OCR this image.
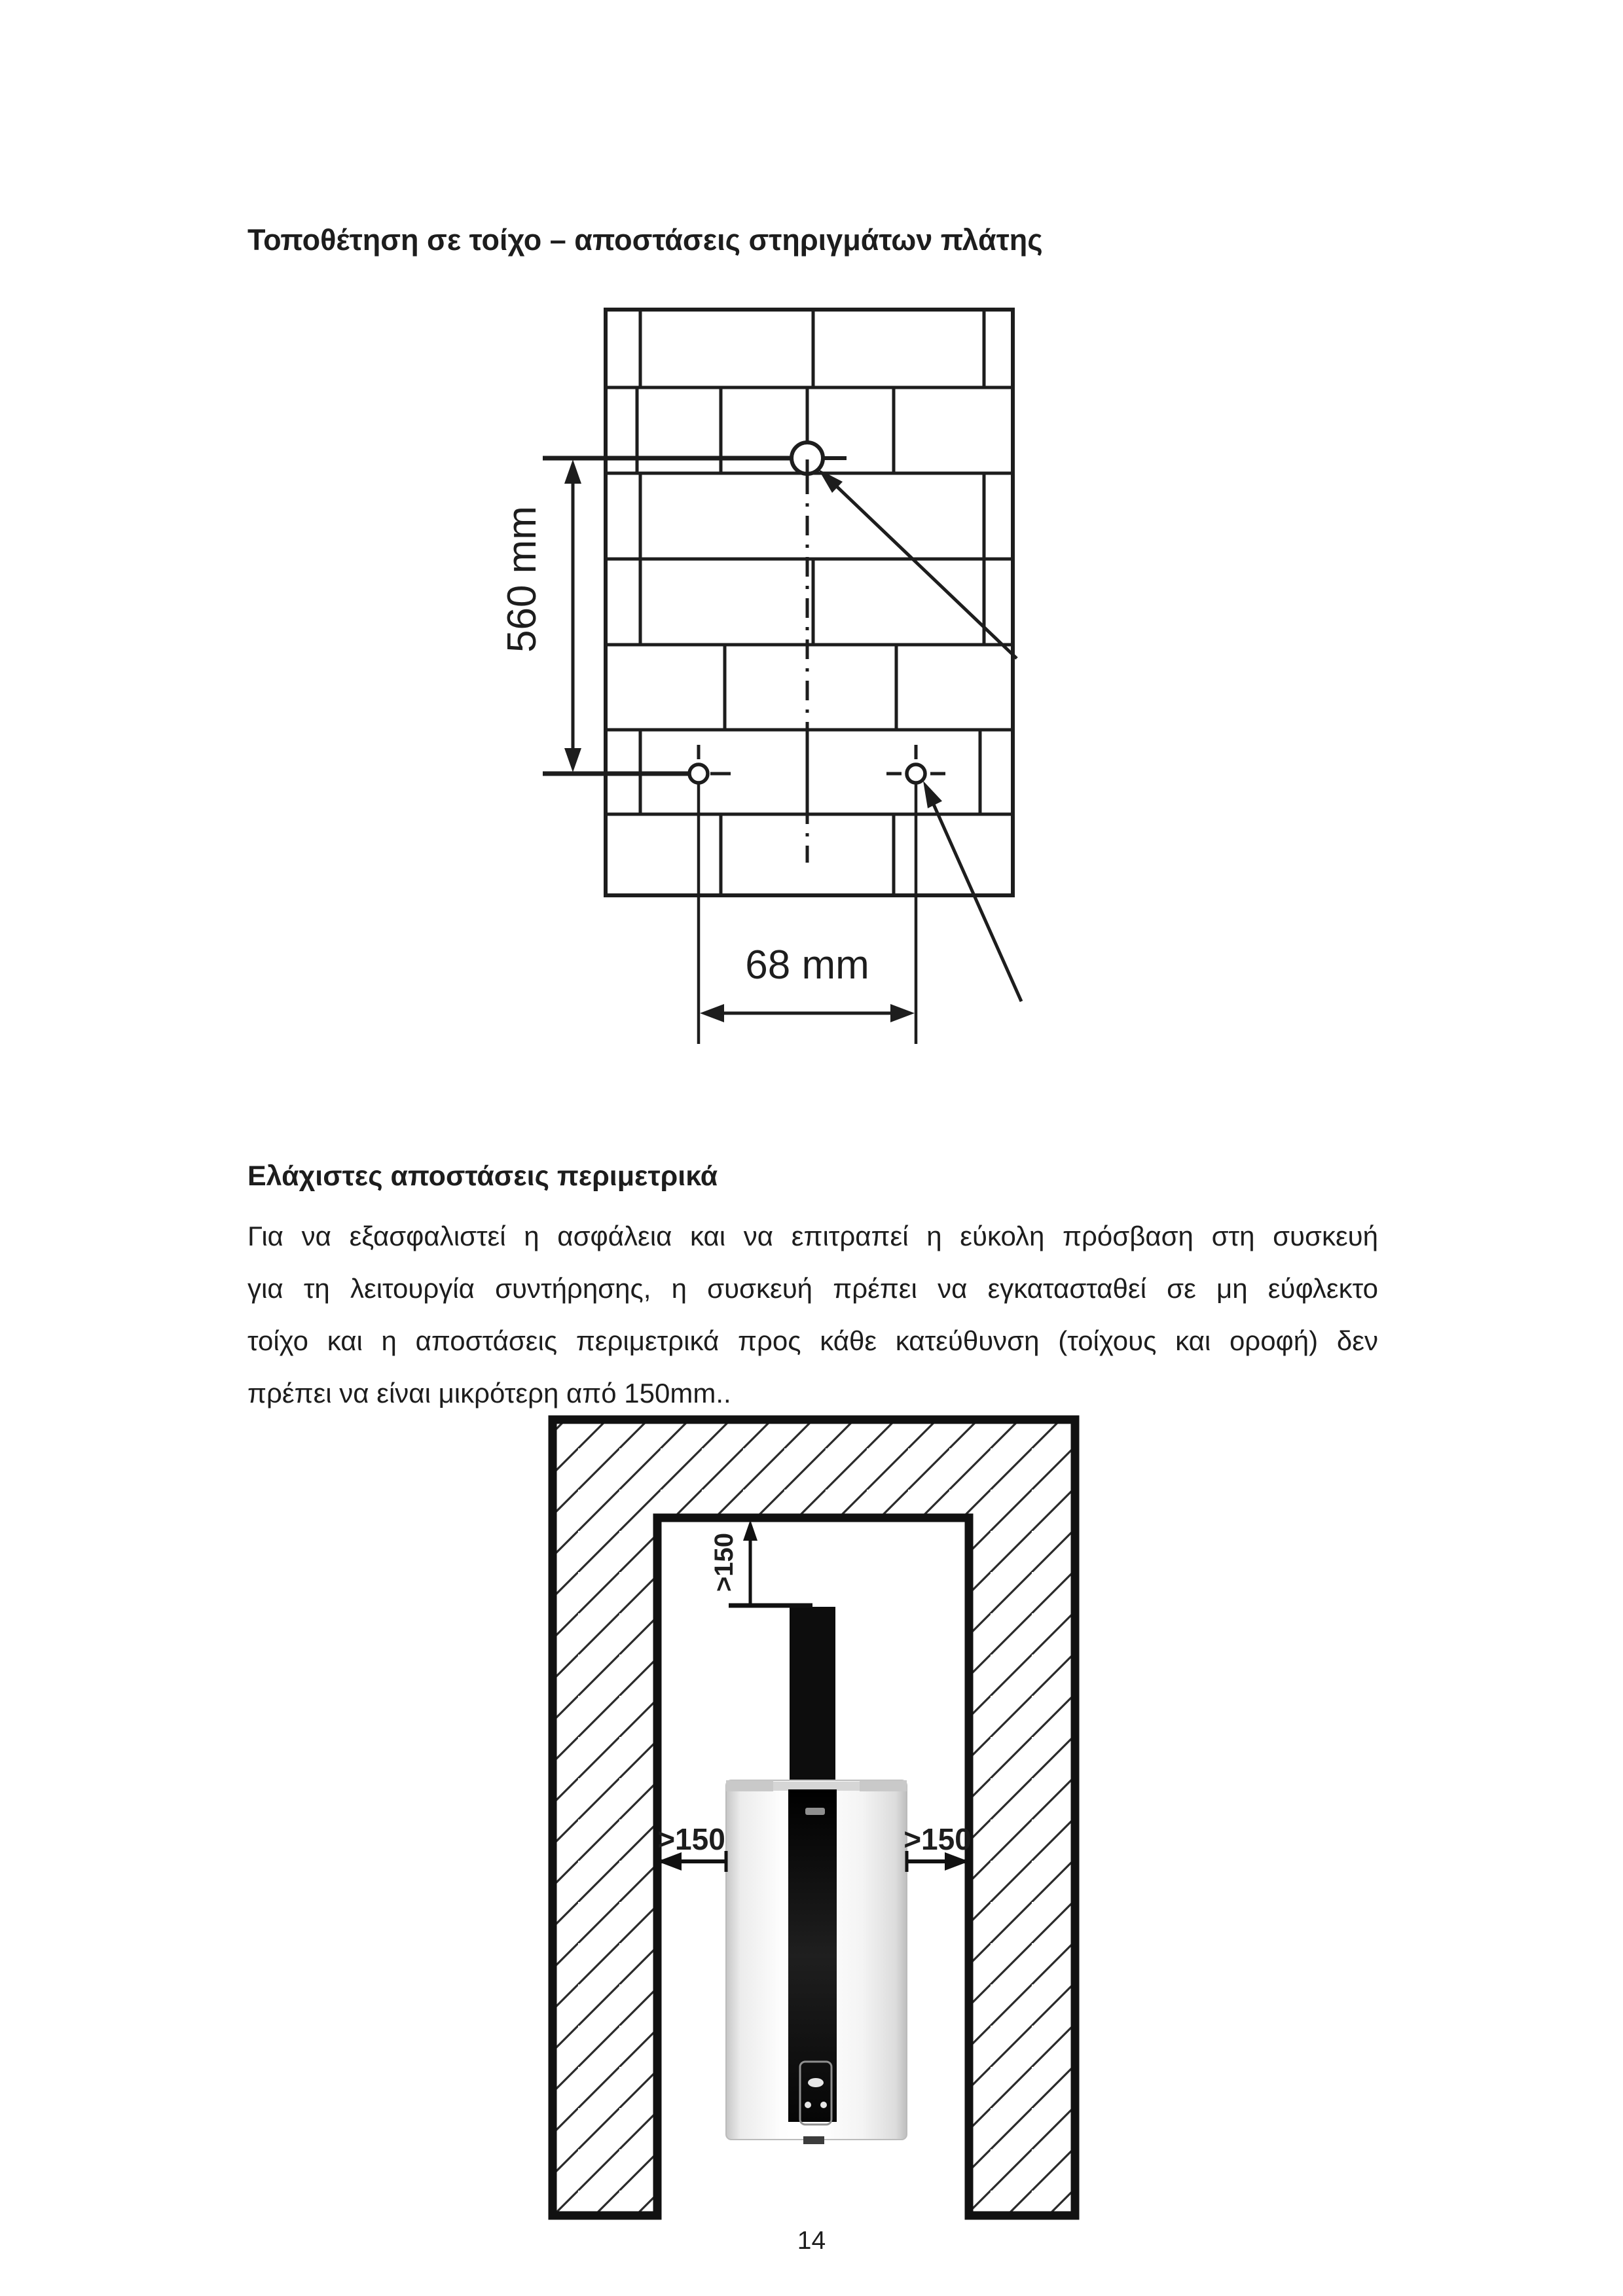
Τοποθέτηση σε τοίχο – αποστάσεις στηριγμάτων πλάτης
560 mm
68 mm
Ελάχιστες αποστάσεις περιμετρικά
Για να εξασφαλιστεί η ασφάλεια και να επιτραπεί η εύκολη πρόσβαση στη συσκευή
για τη λειτουργία συντήρησης, η συσκευή πρέπει να εγκατασταθεί σε μη εύφλεκτο
τοίχο και η αποστάσεις περιμετρικά προς κάθε κατεύθυνση (τοίχους και οροφή) δεν
πρέπει να είναι μικρότερη από 150mm..
>150
>150	>150
14
